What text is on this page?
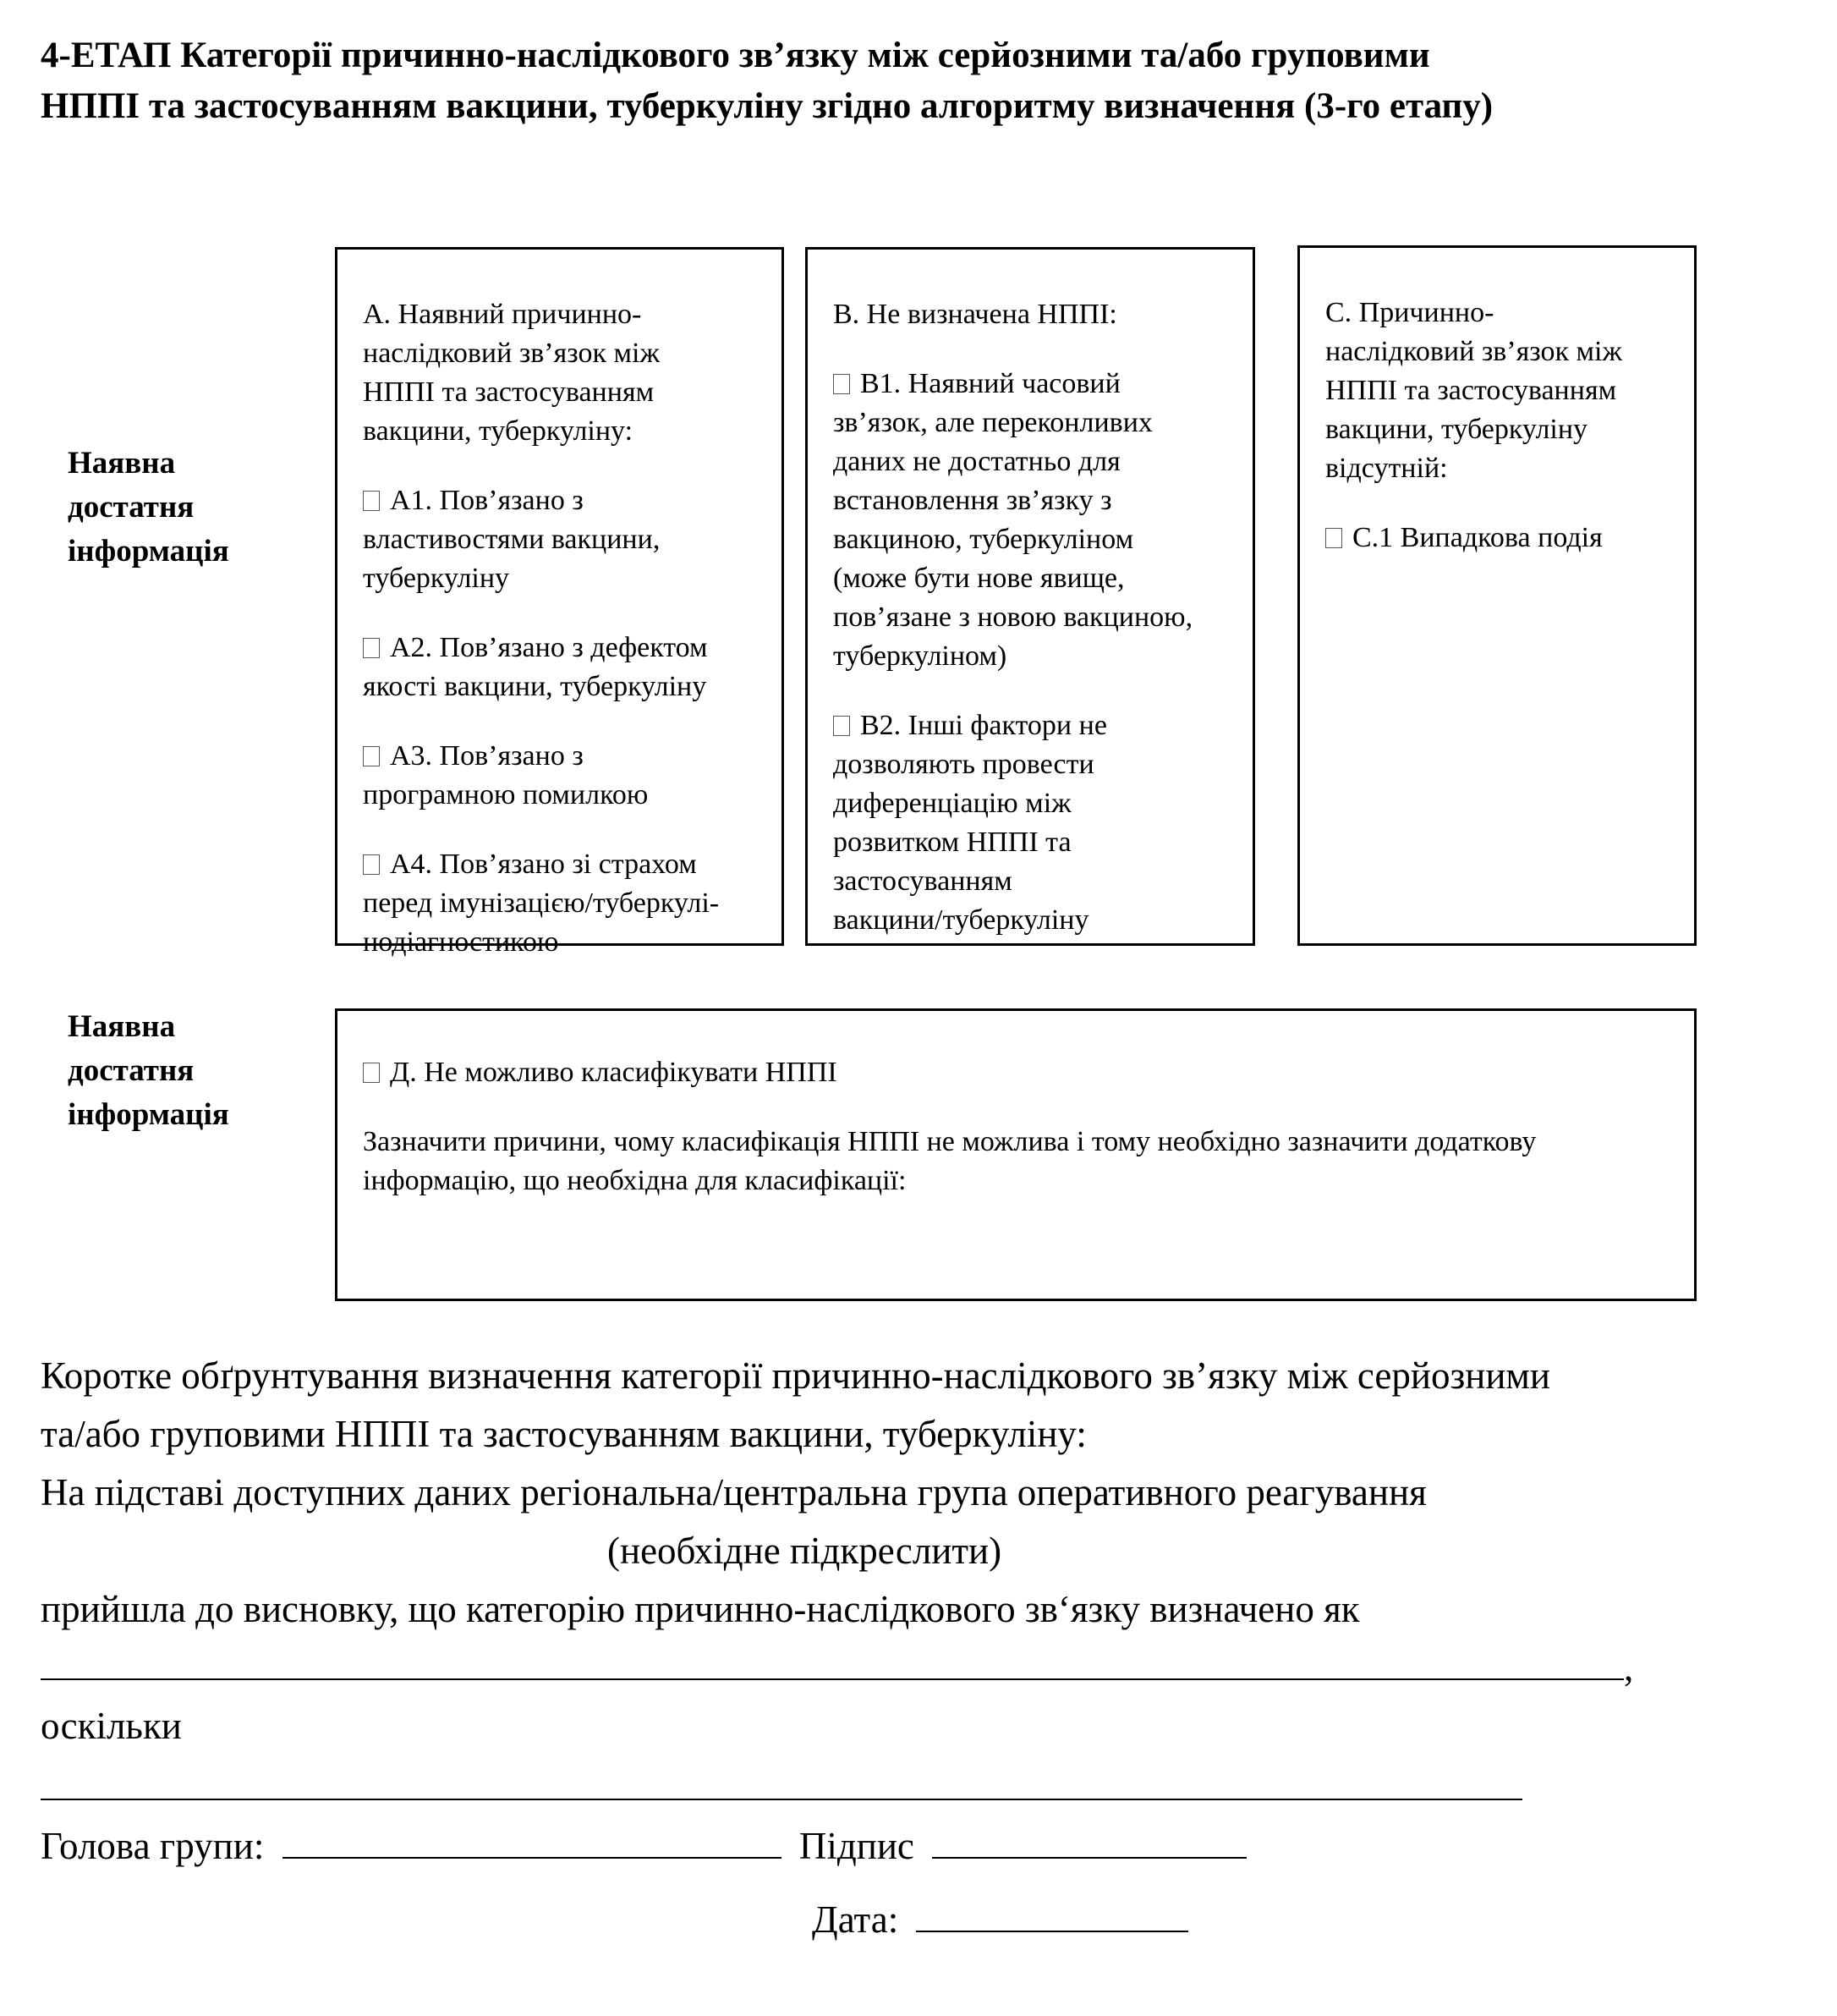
4-ЕТАП Категорії причинно-наслідкового зв’язку між серйозними та/або груповими
НППІ та застосуванням вакцини, туберкуліну згідно алгоритму визначення (3-го етапу)
Наявна
достатня
інформація
Наявна
достатня
інформація

А. Наявний причинно-
наслідковий зв’язок між
НППІ та застосуванням
вакцини, туберкуліну:

А1. Пов’язано з
властивостями вакцини,
туберкуліну

А2. Пов’язано з дефектом
якості вакцини, туберкуліну

А3. Пов’язано з
програмною помилкою

А4. Пов’язано зі страхом
перед імунізацією/туберкулі-
нодіагностикою

В. Не визначена НППІ:

В1. Наявний часовий
зв’язок, але переконливих
даних не достатньо для
встановлення зв’язку з
вакциною, туберкуліном
(може бути нове явище,
пов’язане з новою вакциною,
туберкуліном)

В2. Інші фактори не
дозволяють провести
диференціацію між
розвитком НППІ та
застосуванням
вакцини/туберкуліну

С. Причинно-
наслідковий зв’язок між
НППІ та застосуванням
вакцини, туберкуліну
відсутній:

С.1 Випадкова подія

Д. Не можливо класифікувати НППІ

Зазначити причини, чому класифікація НППІ не можлива і тому необхідно зазначити додаткову
інформацію, що необхідна для класифікації:

Коротке обґрунтування визначення категорії причинно-наслідкового зв’язку між серйозними
та/або груповими НППІ та застосуванням вакцини, туберкуліну:
На підставі доступних даних регіональна/центральна група оперативного реагування
(необхідне підкреслити)
прийшла до висновку, що категорію причинно-наслідкового зв‘язку визначено як
,
оскільки
Голова групи:	Підпис
Дата:
